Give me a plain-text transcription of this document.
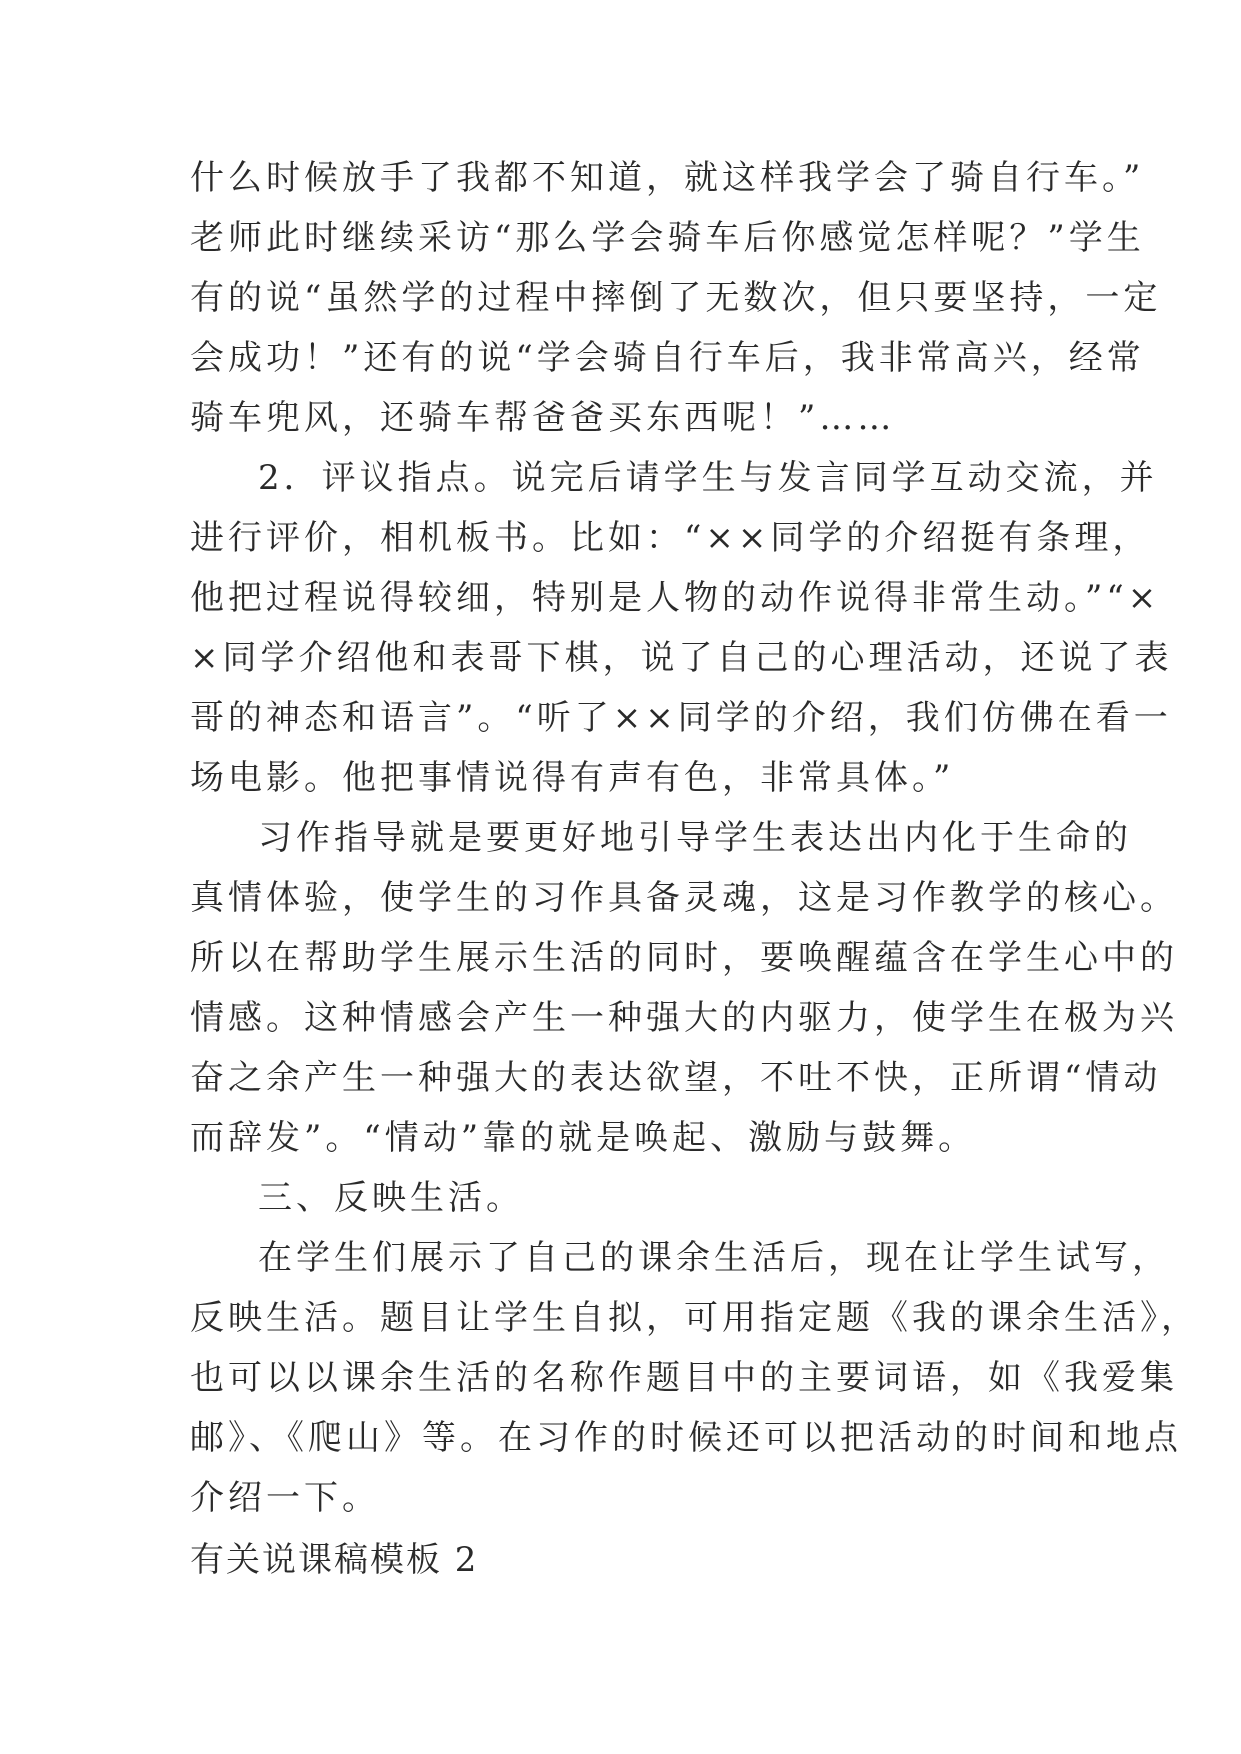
什么时候放手了我都不知道，就这样我学会了骑自行车。”
老师此时继续采访“那么学会骑车后你感觉怎样呢？”学生
有的说“虽然学的过程中摔倒了无数次，但只要坚持，一定
会成功！”还有的说“学会骑自行车后，我非常高兴，经常
骑车兜风，还骑车帮爸爸买东西呢！”……
2．评议指点。说完后请学生与发言同学互动交流，并
进行评价，相机板书。比如：“××同学的介绍挺有条理，
他把过程说得较细，特别是人物的动作说得非常生动。”“×
×同学介绍他和表哥下棋，说了自己的心理活动，还说了表
哥的神态和语言”。“听了××同学的介绍，我们仿佛在看一
场电影。他把事情说得有声有色，非常具体。”
习作指导就是要更好地引导学生表达出内化于生命的
真情体验，使学生的习作具备灵魂，这是习作教学的核心。
所以在帮助学生展示生活的同时，要唤醒蕴含在学生心中的
情感。这种情感会产生一种强大的内驱力，使学生在极为兴
奋之余产生一种强大的表达欲望，不吐不快，正所谓“情动
而辞发”。“情动”靠的就是唤起、激励与鼓舞。
三、反映生活。
在学生们展示了自己的课余生活后，现在让学生试写，
反映生活。题目让学生自拟，可用指定题《我的课余生活》，
也可以以课余生活的名称作题目中的主要词语，如《我爱集
邮》、《爬山》等。在习作的时候还可以把活动的时间和地点
介绍一下。
有关说课稿模板 2
